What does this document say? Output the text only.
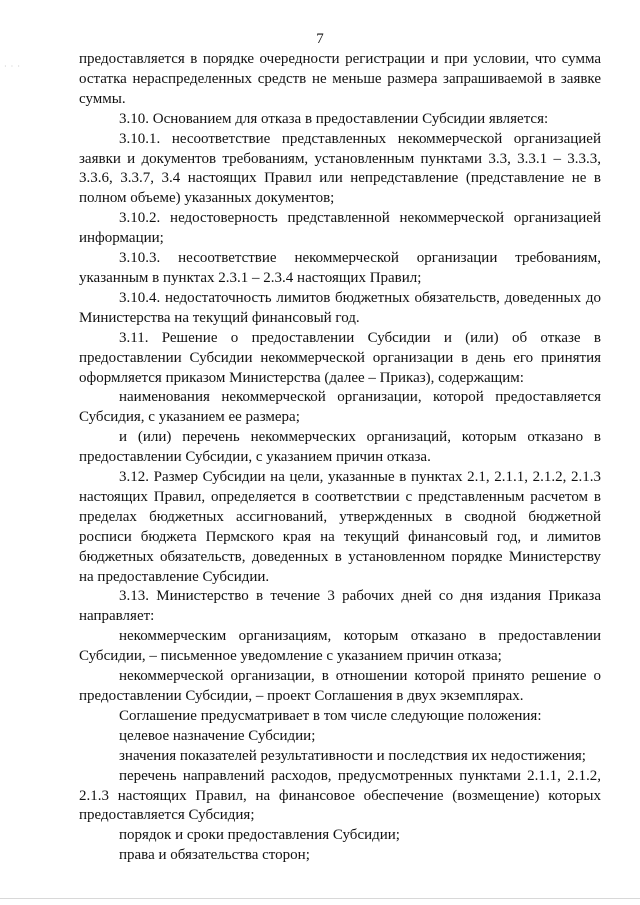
· · ·
7

предоставляется в порядке очередности регистрации и при условии, что сумма остатка нераспределенных средств не меньше размера запрашиваемой в заявке суммы.

3.10. Основанием для отказа в предоставлении Субсидии является:

3.10.1. несоответствие представленных некоммерческой организацией заявки и документов требованиям, установленным пунктами 3.3, 3.3.1 – 3.3.3, 3.3.6, 3.3.7, 3.4 настоящих Правил или непредставление (представление не в полном объеме) указанных документов;

3.10.2. недостоверность представленной некоммерческой организацией информации;

3.10.3. несоответствие некоммерческой организации требованиям, указанным в пунктах 2.3.1 – 2.3.4 настоящих Правил;

3.10.4. недостаточность лимитов бюджетных обязательств, доведенных до Министерства на текущий финансовый год.

3.11. Решение о предоставлении Субсидии и (или) об отказе в предоставлении Субсидии некоммерческой организации в день его принятия оформляется приказом Министерства (далее – Приказ), содержащим:

наименования некоммерческой организации, которой предоставляется Субсидия, с указанием ее размера;

и (или) перечень некоммерческих организаций, которым отказано в предоставлении Субсидии, с указанием причин отказа.

3.12. Размер Субсидии на цели, указанные в пунктах 2.1, 2.1.1, 2.1.2, 2.1.3 настоящих Правил, определяется в соответствии с представленным расчетом в пределах бюджетных ассигнований, утвержденных в сводной бюджетной росписи бюджета Пермского края на текущий финансовый год, и лимитов бюджетных обязательств, доведенных в установленном порядке Министерству на предоставление Субсидии.

3.13. Министерство в течение 3 рабочих дней со дня издания Приказа направляет:

некоммерческим организациям, которым отказано в предоставлении Субсидии, – письменное уведомление с указанием причин отказа;

некоммерческой организации, в отношении которой принято решение о предоставлении Субсидии, – проект Соглашения в двух экземплярах.

Соглашение предусматривает в том числе следующие положения:

целевое назначение Субсидии;

значения показателей результативности и последствия их недостижения;

перечень направлений расходов, предусмотренных пунктами 2.1.1, 2.1.2, 2.1.3 настоящих Правил, на финансовое обеспечение (возмещение) которых предоставляется Субсидия;

порядок и сроки предоставления Субсидии;

права и обязательства сторон;
